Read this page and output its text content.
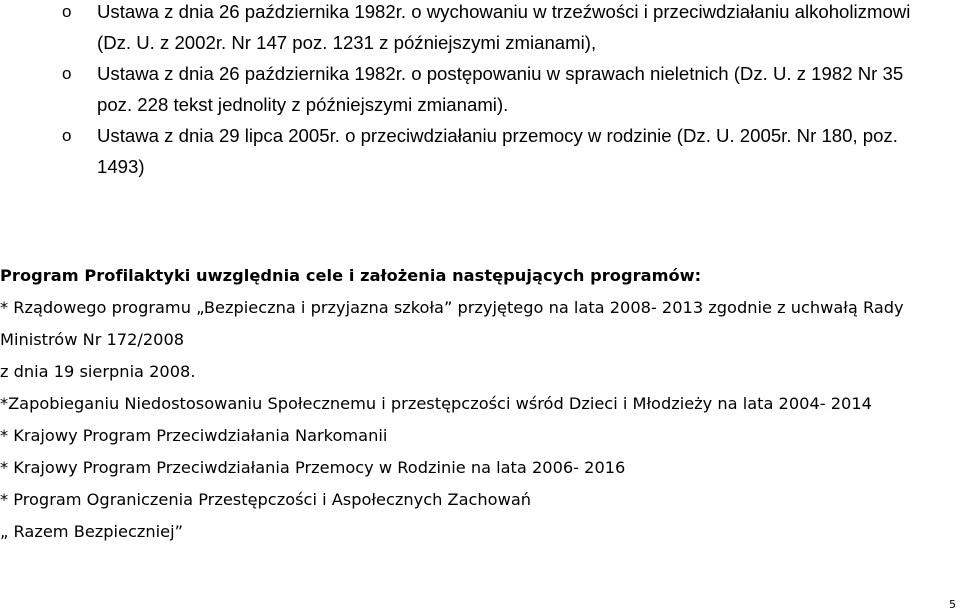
o Ustawa z dnia 26 października 1982r. o wychowaniu w trzeźwości i przeciwdziałaniu alkoholizmowi
(Dz. U. z 2002r. Nr 147 poz. 1231 z późniejszymi zmianami),
o Ustawa z dnia 26 października 1982r. o postępowaniu w sprawach nieletnich (Dz. U. z 1982 Nr 35
poz. 228 tekst jednolity z późniejszymi zmianami).
o Ustawa z dnia 29 lipca 2005r. o przeciwdziałaniu przemocy w rodzinie (Dz. U. 2005r. Nr 180, poz.
1493)

Program Profilaktyki uwzględnia cele i założenia następujących programów:

* Rządowego programu „Bezpieczna i przyjazna szkoła” przyjętego na lata 2008- 2013 zgodnie z uchwałą Rady

Ministrów Nr 172/2008

z dnia 19 sierpnia 2008.

*Zapobieganiu Niedostosowaniu Społecznemu i przestępczości wśród Dzieci i Młodzieży na lata 2004- 2014

* Krajowy Program Przeciwdziałania Narkomanii

* Krajowy Program Przeciwdziałania Przemocy w Rodzinie na lata 2006- 2016

* Program Ograniczenia Przestępczości i Aspołecznych Zachowań

„ Razem Bezpieczniej”

5
